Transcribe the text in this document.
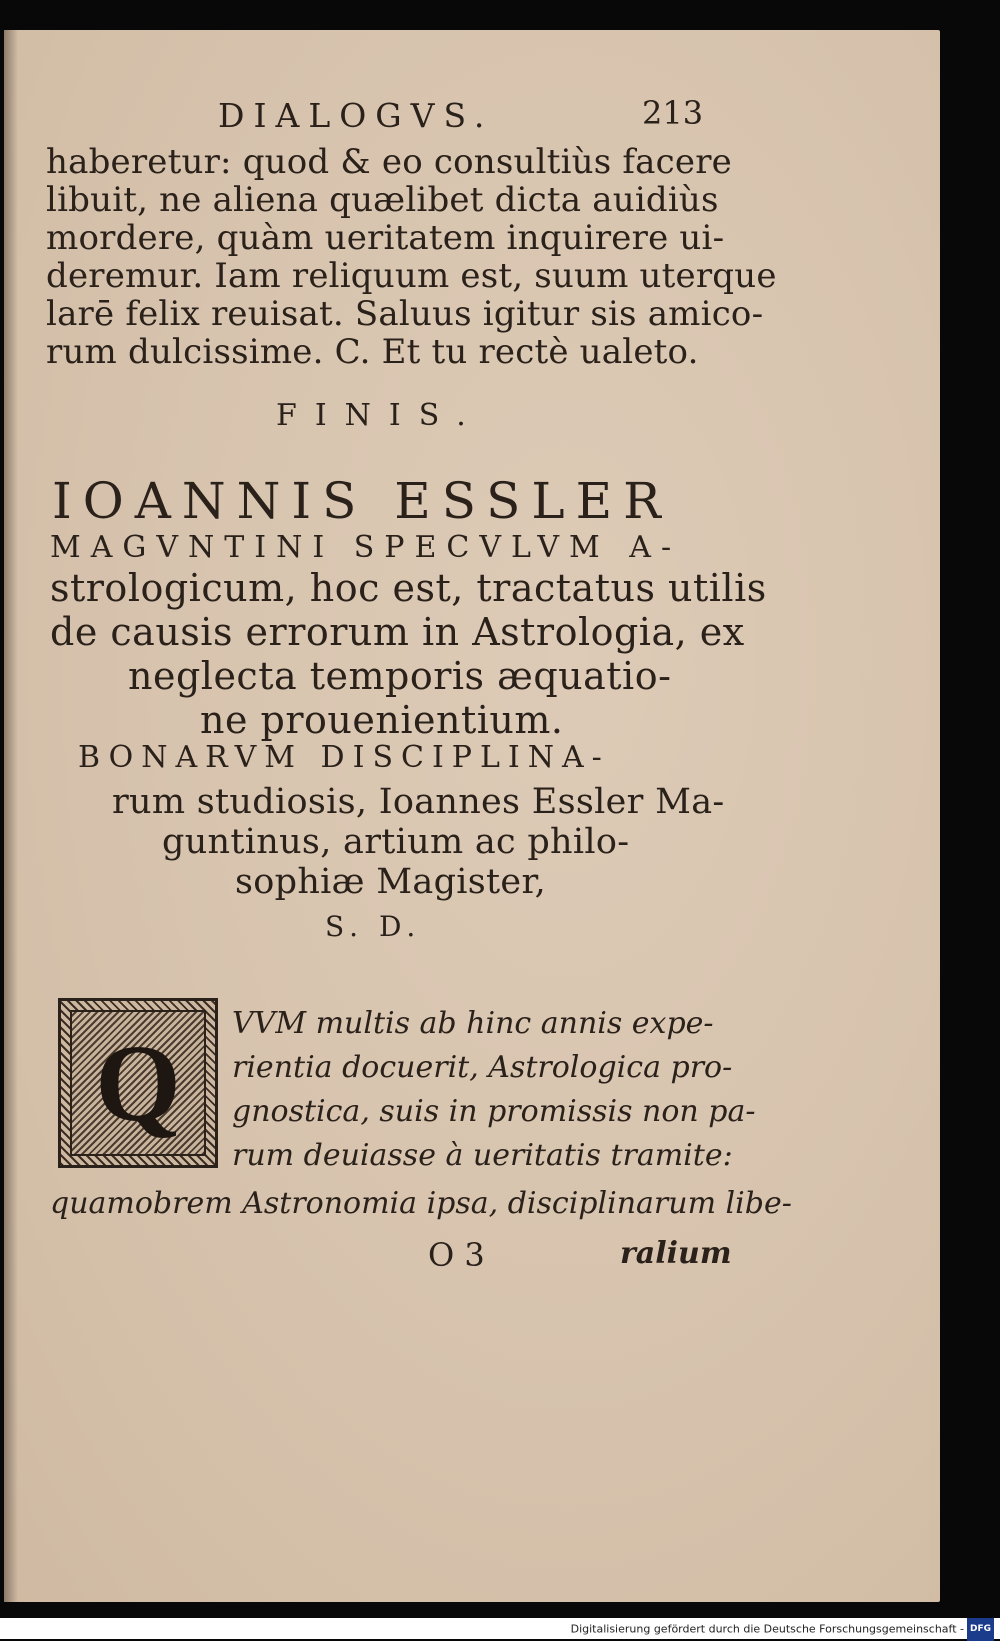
DIALOGVS.	213
haberetur: quod & eo consultiùs facere
libuit, ne aliena quælibet dicta auidiùs
mordere, quàm ueritatem inquirere ui-
deremur. Iam reliquum est, suum uterque
larē felix reuisat. Saluus igitur sis amico-
rum dulcissime. C. Et tu rectè ualeto.
FINIS.
IOANNIS ESSLER
MAGVNTINI SPECVLVM A-
strologicum, hoc est, tractatus utilis
de causis errorum in Astrologia, ex
neglecta temporis æquatio-
ne prouenientium.
BONARVM DISCIPLINA-
rum studiosis, Ioannes Essler Ma-
guntinus, artium ac philo-
sophiæ Magister,
S. D.
Q	VVM multis ab hinc annis expe-
rientia docuerit, Astrologica pro-
gnostica, suis in promissis non pa-
rum deuiasse à ueritatis tramite:
quamobrem Astronomia ipsa, disciplinarum libe-
O 3	ralium
Digitalisierung gefördert durch die Deutsche Forschungsgemeinschaft - DFG
